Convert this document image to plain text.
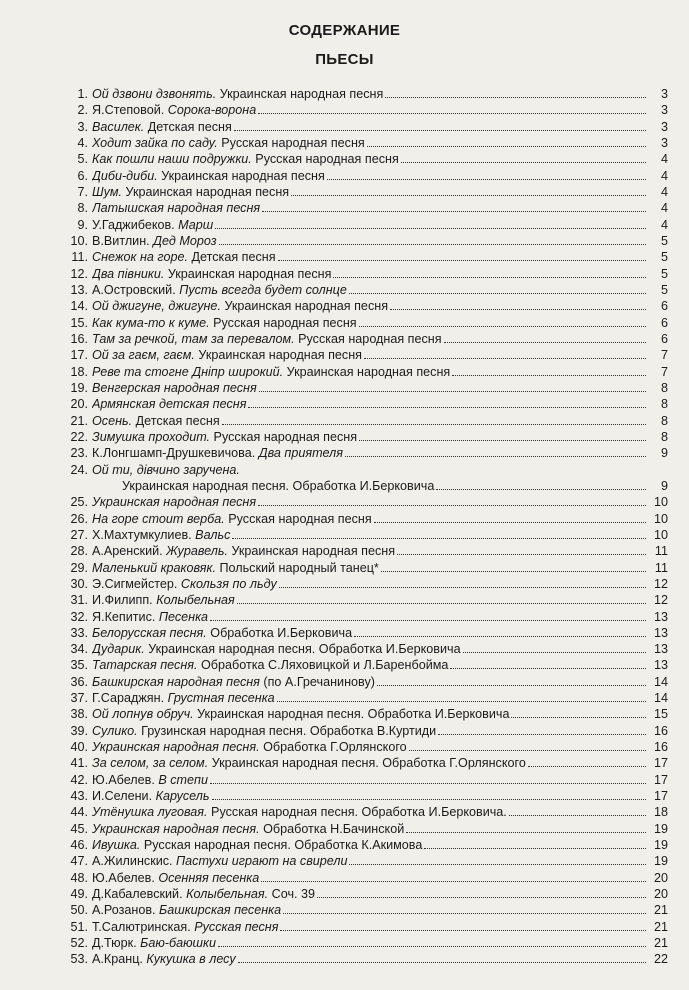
СОДЕРЖАНИЕ
ПЬЕСЫ
1. Ой дзвони дзвонять. Украинская народная песня	3
2. Я.Степовой. Сорока-ворона	3
3. Василек. Детская песня	3
4. Ходит зайка по саду. Русская народная песня	3
5. Как пошли наши подружки. Русская народная песня	4
6. Диби-диби. Украинская народная песня	4
7. Шум. Украинская народная песня	4
8. Латышская народная песня	4
9. У.Гаджибеков. Марш	4
10. В.Витлин. Дед Мороз	5
11. Снежок на горе. Детская песня	5
12. Два півники. Украинская народная песня	5
13. А.Островский. Пусть всегда будет солнце	5
14. Ой джигуне, джигуне. Украинская народная песня	6
15. Как кума-то к куме. Русская народная песня	6
16. Там за речкой, там за перевалом. Русская народная песня	6
17. Ой за гаєм, гаєм. Украинская народная песня	7
18. Реве та стогне Дніпр широкий. Украинская народная песня	7
19. Венгерская народная песня	8
20. Армянская детская песня	8
21. Осень. Детская песня	8
22. Зимушка проходит. Русская народная песня	8
23. К.Лонгшамп-Друшкевичова. Два приятеля	9
24. Ой ти, дівчино заручена.
Украинская народная песня. Обработка И.Берковича	9
25. Украинская народная песня	10
26. На горе стоит верба. Русская народная песня	10
27. Х.Махтумкулиев. Вальс	10
28. А.Аренский. Журавель. Украинская народная песня	11
29. Маленький краковяк. Польский народный танец*	11
30. Э.Сигмейстер. Скользя по льду	12
31. И.Филипп. Колыбельная	12
32. Я.Кепитис. Песенка	13
33. Белорусская песня. Обработка И.Берковича	13
34. Дударик. Украинская народная песня. Обработка И.Берковича	13
35. Татарская песня. Обработка С.Ляховицкой и Л.Баренбойма	13
36. Башкирская народная песня (по А.Гречанинову)	14
37. Г.Сараджян. Грустная песенка	14
38. Ой лопнув обруч. Украинская народная песня. Обработка И.Берковича	15
39. Сулико. Грузинская народная песня. Обработка В.Куртиди	16
40. Украинская народная песня. Обработка Г.Орлянского	16
41. За селом, за селом. Украинская народная песня. Обработка Г.Орлянского	17
42. Ю.Абелев. В степи	17
43. И.Селени. Карусель	17
44. Утёнушка луговая. Русская народная песня. Обработка И.Берковича.	18
45. Украинская народная песня. Обработка Н.Бачинской	19
46. Ивушка. Русская народная песня. Обработка К.Акимова	19
47. А.Жилинскис. Пастухи играют на свирели	19
48. Ю.Абелев. Осенняя песенка	20
49. Д.Кабалевский. Колыбельная. Соч. 39	20
50. А.Розанов. Башкирская песенка	21
51. Т.Салютринская. Русская песня	21
52. Д.Тюрк. Баю-баюшки	21
53. А.Кранц. Кукушка в лесу	22
